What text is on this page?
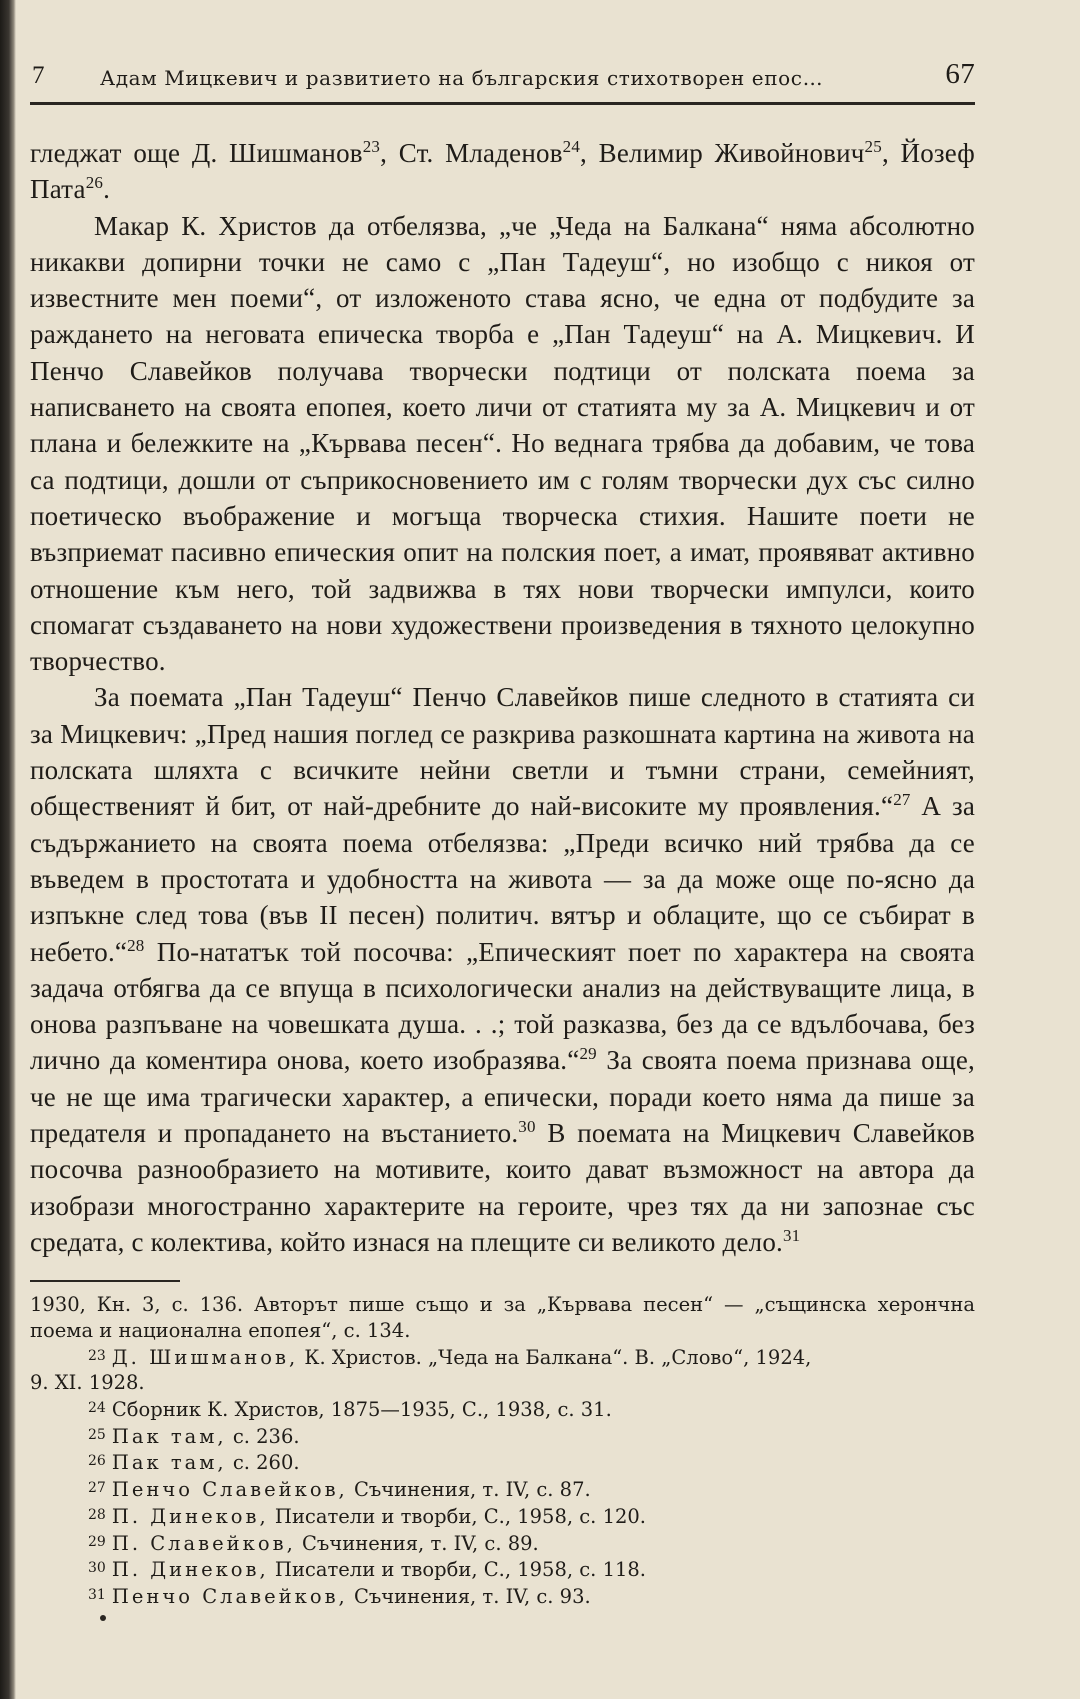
7	Адам Мицкевич и развитието на българския стихотворен епос…	67

гледжат още Д. Шишманов$^{23}$, Ст. Младенов$^{24}$, Велимир Живойнович$^{25}$, Йозеф Пата$^{26}$.

Макар К. Христов да отбелязва, „че „Чеда на Балкана“ няма абсолютно никакви допирни точки не само с „Пан Тадеуш“, но изобщо с никоя от известните мен поеми“, от изложеното става ясно, че една от подбудите за раждането на неговата епическа творба е „Пан Тадеуш“ на А. Мицкевич. И Пенчо Славейков получава творчески подтици от полската поема за написването на своята епопея, което личи от статията му за А. Мицкевич и от плана и бележките на „Кървава песен“. Но веднага трябва да добавим, че това са подтици, дошли от съприкосновението им с голям творчески дух със силно поетическо въображение и могъща творческа стихия. Нашите поети не възприемат пасивно епическия опит на полския поет, а имат, проявяват активно отношение към него, той задвижва в тях нови творчески импулси, които спомагат създаването на нови художествени произведения в тяхното целокупно творчество.

За поемата „Пан Тадеуш“ Пенчо Славейков пише следното в статията си за Мицкевич: „Пред нашия поглед се разкрива разкошната картина на живота на полската шляхта с всичките нейни светли и тъмни страни, семейният, общественият й бит, от най-дребните до най-високите му проявления.“$^{27}$ А за съдържанието на своята поема отбелязва: „Преди всичко ний трябва да се въведем в простотата и удобността на живота — за да може още по-ясно да изпъкне след това (във II песен) политич. вятър и облаците, що се събират в небето.“$^{28}$ По-нататък той посочва: „Епическият поет по характера на своята задача отбягва да се впуща в психологически анализ на действуващите лица, в онова разпъване на човешката душа. . .; той разказва, без да се вдълбочава, без лично да коментира онова, което изобразява.“$^{29}$ За своята поема признава още, че не ще има трагически характер, а епически, поради което няма да пише за предателя и пропадането на въстанието.$^{30}$ В поемата на Мицкевич Славейков посочва разнообразието на мотивите, които дават възможност на автора да изобрази многостранно характерите на героите, чрез тях да ни запознае със средата, с колектива, който изнася на плещите си великото дело.$^{31}$

1930, Кн. 3, с. 136. Авторът пише също и за „Кървава песен“ — „същинска херончна поема и национална епопея“, с. 134.

$^{23}$ Д. Шишманов, К. Христов. „Чеда на Балкана“. В. „Слово“, 1924,

9. XI. 1928.

$^{24}$ Сборник К. Христов, 1875—1935, С., 1938, с. 31.

$^{25}$ Пак там, с. 236.

$^{26}$ Пак там, с. 260.

$^{27}$ Пенчо Славейков, Съчинения, т. IV, с. 87.

$^{28}$ П. Динеков, Писатели и творби, С., 1958, с. 120.

$^{29}$ П. Славейков, Съчинения, т. IV, с. 89.

$^{30}$ П. Динеков, Писатели и творби, С., 1958, с. 118.

$^{31}$ Пенчо Славейков, Съчинения, т. IV, с. 93.
